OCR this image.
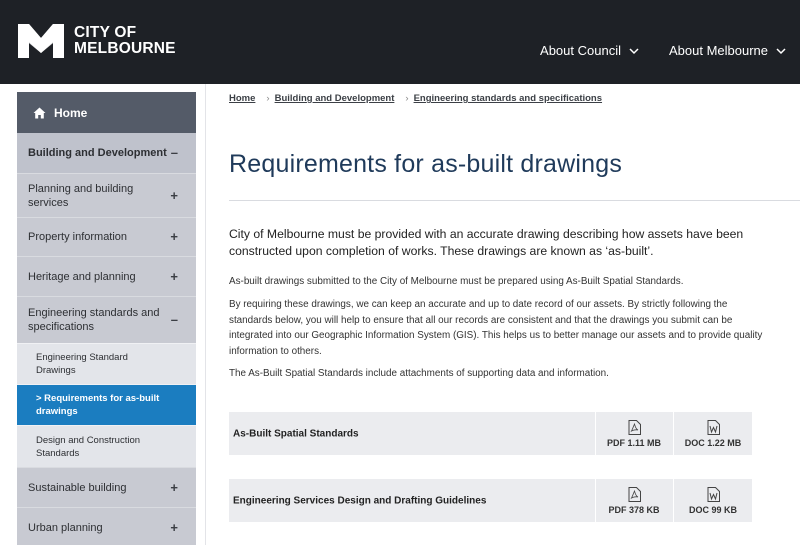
CITY OF
MELBOURNE	About Council	About Melbourne
Home
Building and Development –
Planning and building services	+
Property information	+
Heritage and planning	+
Engineering standards and specifications	–
Engineering Standard Drawings
> Requirements for as-built drawings
Design and Construction Standards
Sustainable building	+
Urban planning	+
Home › Building and Development › Engineering standards and specifications
Requirements for as-built drawings

City of Melbourne must be provided with an accurate drawing describing how assets have been constructed upon completion of works. These drawings are known as ‘as-built’.

As-built drawings submitted to the City of Melbourne must be prepared using As-Built Spatial Standards.

By requiring these drawings, we can keep an accurate and up to date record of our assets. By strictly following the standards below, you will help to ensure that all our records are consistent and that the drawings you submit can be integrated into our Geographic Information System (GIS). This helps us to better manage our assets and to provide quality information to others.

The As-Built Spatial Standards include attachments of supporting data and information.

As-Built Spatial Standards
PDF 1.11 MB	DOC 1.22 MB
Engineering Services Design and Drafting Guidelines
PDF 378 KB	DOC 99 KB
